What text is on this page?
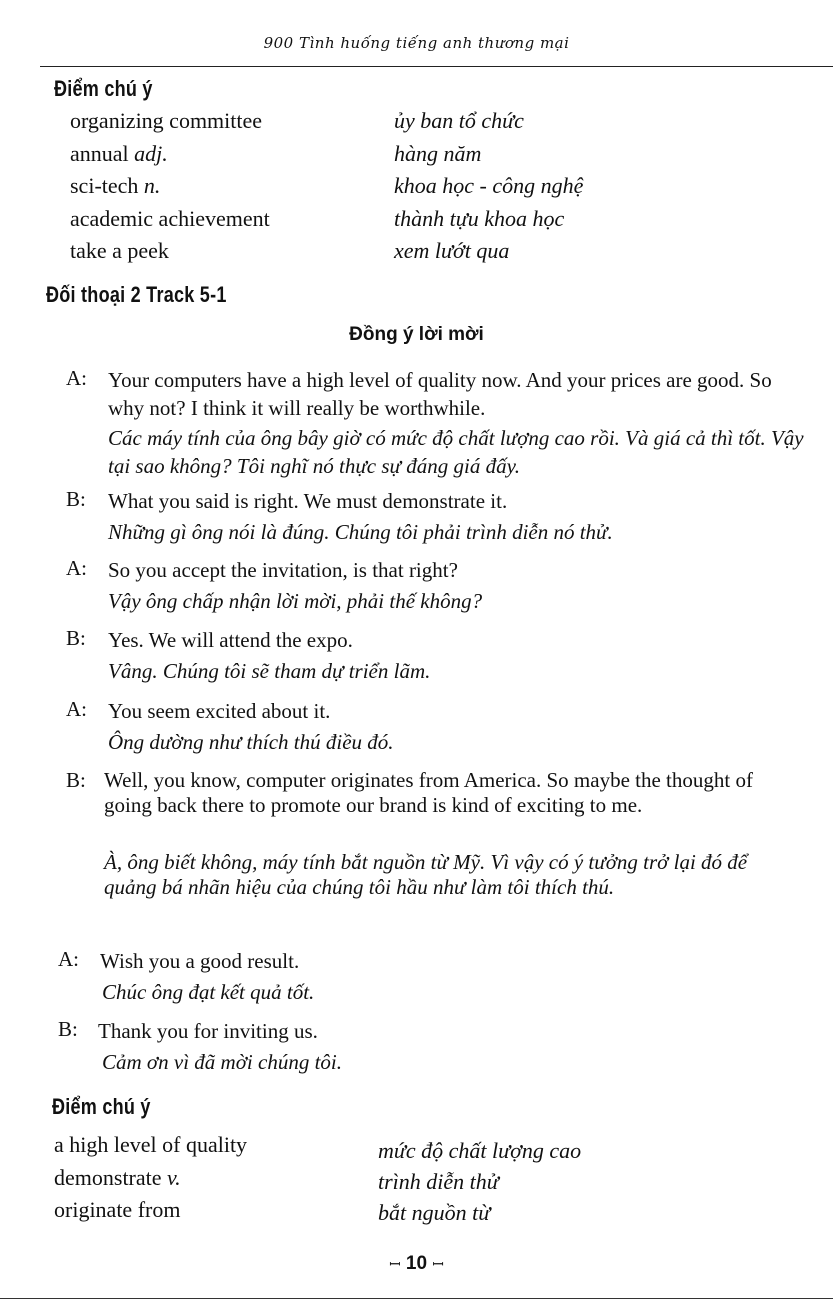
900 Tình huống tiếng anh thương mại
Điểm chú ý
organizing committee	ủy ban tổ chức
annual adj.	hàng năm
sci-tech n.	khoa học - công nghệ
academic achievement	thành tựu khoa học
take a peek	xem lướt qua
Đối thoại 2 Track 5-1
Đồng ý lời mời
A: Your computers have a high level of quality now. And your prices are good. So why not? I think it will really be worthwhile.
Các máy tính của ông bây giờ có mức độ chất lượng cao rồi. Và giá cả thì tốt. Vậy tại sao không? Tôi nghĩ nó thực sự đáng giá đấy.
B: What you said is right. We must demonstrate it.
Những gì ông nói là đúng. Chúng tôi phải trình diễn nó thử.
A: So you accept the invitation, is that right?
Vậy ông chấp nhận lời mời, phải thế không?
B: Yes. We will attend the expo.
Vâng. Chúng tôi sẽ tham dự triển lãm.
A: You seem excited about it.
Ông dường như thích thú điều đó.
B: Well, you know, computer originates from America. So maybe the thought of going back there to promote our brand is kind of exciting to me.
À, ông biết không, máy tính bắt nguồn từ Mỹ. Vì vậy có ý tưởng trở lại đó để quảng bá nhãn hiệu của chúng tôi hầu như làm tôi thích thú.
A: Wish you a good result.
Chúc ông đạt kết quả tốt.
B: Thank you for inviting us.
Cảm ơn vì đã mời chúng tôi.
Điểm chú ý
a high level of quality	mức độ chất lượng cao
demonstrate v.	trình diễn thử
originate from	bắt nguồn từ
ꟷ 10 ꟷ
